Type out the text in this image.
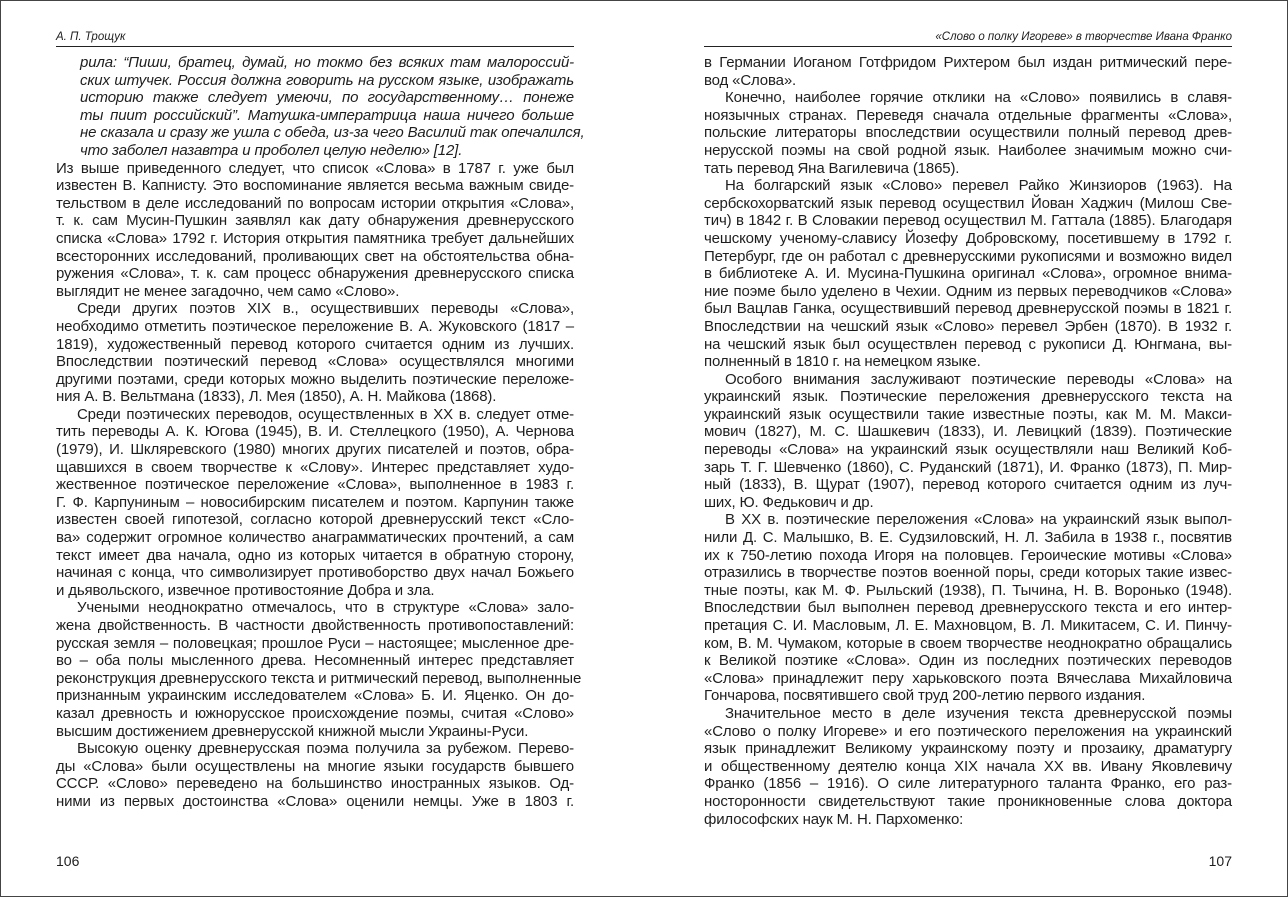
А. П. Трощук
рила: “Пиши, братец, думай, но токмо без всяких там малороссий-
ских штучек. Россия должна говорить на русском языке, изображать
историю также следует умеючи, по государственному… понеже
ты пиит российский”. Матушка-императрица наша ничего больше
не сказала и сразу же ушла с обеда, из-за чего Василий так опечалился,
что заболел назавтра и проболел целую неделю» [12].
Из выше приведенного следует, что список «Слова» в 1787 г. уже был
известен В. Капнисту. Это воспоминание является весьма важным свиде-
тельством в деле исследований по вопросам истории открытия «Слова»,
т. к. сам Мусин-Пушкин заявлял как дату обнаружения древнерусского
списка «Слова» 1792 г. История открытия памятника требует дальнейших
всесторонних исследований, проливающих свет на обстоятельства обна-
ружения «Слова», т. к. сам процесс обнаружения древнерусского списка
выглядит не менее загадочно, чем само «Слово».
Среди других поэтов XIX в., осуществивших переводы «Слова»,
необходимо отметить поэтическое переложение В. А. Жуковского (1817 –
1819), художественный перевод которого считается одним из лучших.
Впоследствии поэтический перевод «Слова» осуществлялся многими
другими поэтами, среди которых можно выделить поэтические переложе-
ния А. В. Вельтмана (1833), Л. Мея (1850), А. Н. Майкова (1868).
Среди поэтических переводов, осуществленных в XX в. следует отме-
тить переводы А. К. Югова (1945), В. И. Стеллецкого (1950), А. Чернова
(1979), И. Шкляревского (1980) многих других писателей и поэтов, обра-
щавшихся в своем творчестве к «Слову». Интерес представляет худо-
жественное поэтическое переложение «Слова», выполненное в 1983 г.
Г. Ф. Карпуниным – новосибирским писателем и поэтом. Карпунин также
известен своей гипотезой, согласно которой древнерусский текст «Сло-
ва» содержит огромное количество анаграмматических прочтений, а сам
текст имеет два начала, одно из которых читается в обратную сторону,
начиная с конца, что символизирует противоборство двух начал Божьего
и дьявольского, извечное противостояние Добра и зла.
Учеными неоднократно отмечалось, что в структуре «Слова» зало-
жена двойственность. В частности двойственность противопоставлений:
русская земля – половецкая; прошлое Руси – настоящее; мысленное дре-
во – оба полы мысленного древа. Несомненный интерес представляет
реконструкция древнерусского текста и ритмический перевод, выполненные
признанным украинским исследователем «Слова» Б. И. Яценко. Он до-
казал древность и южнорусское происхождение поэмы, считая «Слово»
высшим достижением древнерусской книжной мысли Украины-Руси.
Высокую оценку древнерусская поэма получила за рубежом. Перево-
ды «Слова» были осуществлены на многие языки государств бывшего
СССР. «Слово» переведено на большинство иностранных языков. Од-
ними из первых достоинства «Слова» оценили немцы. Уже в 1803 г.
106
«Слово о полку Игореве» в творчестве Ивана Франко
в Германии Иоганом Готфридом Рихтером был издан ритмический пере-
вод «Слова».
Конечно, наиболее горячие отклики на «Слово» появились в славя-
ноязычных странах. Переведя сначала отдельные фрагменты «Слова»,
польские литераторы впоследствии осуществили полный перевод древ-
нерусской поэмы на свой родной язык. Наиболее значимым можно счи-
тать перевод Яна Вагилевича (1865).
На болгарский язык «Слово» перевел Райко Жинзиоров (1963). На
сербскохорватский язык перевод осуществил Йован Хаджич (Милош Све-
тич) в 1842 г. В Словакии перевод осуществил М. Гаттала (1885). Благодаря
чешскому ученому-славису Йозефу Добровскому, посетившему в 1792 г.
Петербург, где он работал с древнерусскими рукописями и возможно видел
в библиотеке А. И. Мусина-Пушкина оригинал «Слова», огромное внима-
ние поэме было уделено в Чехии. Одним из первых переводчиков «Слова»
был Вацлав Ганка, осуществивший перевод древнерусской поэмы в 1821 г.
Впоследствии на чешский язык «Слово» перевел Эрбен (1870). В 1932 г.
на чешский язык был осуществлен перевод с рукописи Д. Юнгмана, вы-
полненный в 1810 г. на немецком языке.
Особого внимания заслуживают поэтические переводы «Слова» на
украинский язык. Поэтические переложения древнерусского текста на
украинский язык осуществили такие известные поэты, как М. М. Макси-
мович (1827), М. С. Шашкевич (1833), И. Левицкий (1839). Поэтические
переводы «Слова» на украинский язык осуществляли наш Великий Коб-
зарь Т. Г. Шевченко (1860), С. Руданский (1871), И. Франко (1873), П. Мир-
ный (1833), В. Щурат (1907), перевод которого считается одним из луч-
ших, Ю. Федькович и др.
В XX в. поэтические переложения «Слова» на украинский язык выпол-
нили Д. С. Малышко, В. Е. Судзиловский, Н. Л. Забила в 1938 г., посвятив
их к 750-летию похода Игоря на половцев. Героические мотивы «Слова»
отразились в творчестве поэтов военной поры, среди которых такие извес-
тные поэты, как М. Ф. Рыльский (1938), П. Тычина, Н. В. Воронько (1948).
Впоследствии был выполнен перевод древнерусского текста и его интер-
претация С. И. Масловым, Л. Е. Махновцом, В. Л. Микитасем, С. И. Пинчу-
ком, В. М. Чумаком, которые в своем творчестве неоднократно обращались
к Великой поэтике «Слова». Один из последних поэтических переводов
«Слова» принадлежит перу харьковского поэта Вячеслава Михайловича
Гончарова, посвятившего свой труд 200-летию первого издания.
Значительное место в деле изучения текста древнерусской поэмы
«Слово о полку Игореве» и его поэтического переложения на украинский
язык принадлежит Великому украинскому поэту и прозаику, драматургу
и общественному деятелю конца XIX начала XX вв. Ивану Яковлевичу
Франко (1856 – 1916). О силе литературного таланта Франко, его раз-
носторонности свидетельствуют такие проникновенные слова доктора
философских наук М. Н. Пархоменко:
107
